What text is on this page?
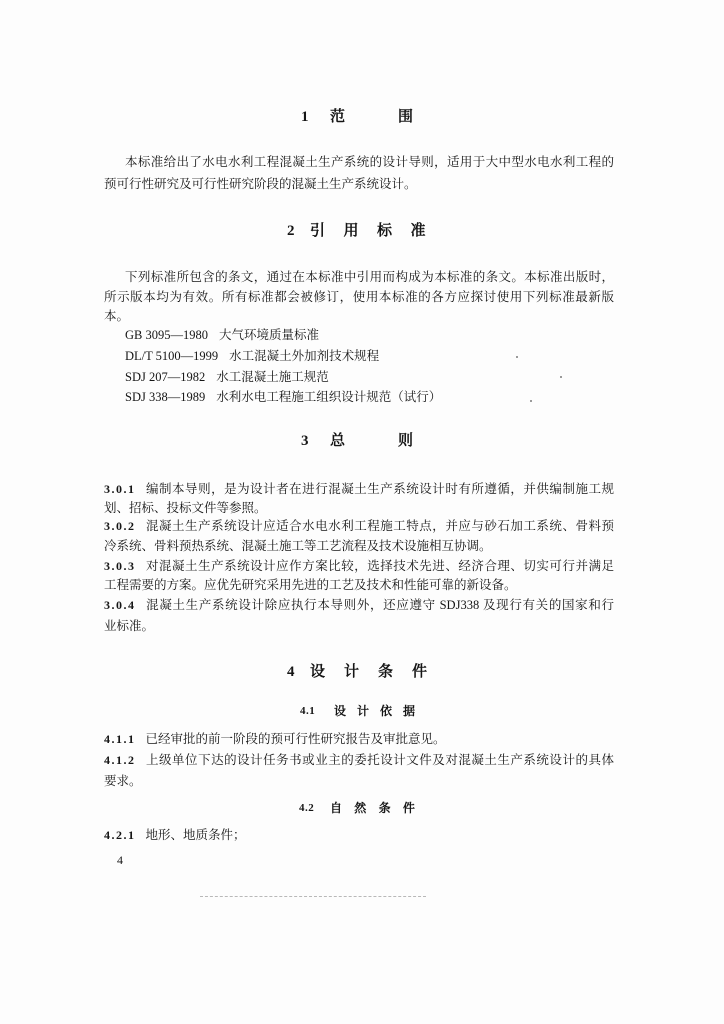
1 范围
本标准给出了水电水利工程混凝土生产系统的设计导则，适用于大中型水电水利工程的
预可行性研究及可行性研究阶段的混凝土生产系统设计。
2 引用标准
下列标准所包含的条文，通过在本标准中引用而构成为本标准的条文。本标准出版时，
所示版本均为有效。所有标准都会被修订，使用本标准的各方应探讨使用下列标准最新版
本。
GB 3095—1980 大气环境质量标准
DL/T 5100—1999 水工混凝土外加剂技术规程
SDJ 207—1982 水工混凝土施工规范
SDJ 338—1989 水利水电工程施工组织设计规范（试行）
3 总则
3.0.1 编制本导则，是为设计者在进行混凝土生产系统设计时有所遵循，并供编制施工规
划、招标、投标文件等参照。
3.0.2 混凝土生产系统设计应适合水电水利工程施工特点，并应与砂石加工系统、骨料预
冷系统、骨料预热系统、混凝土施工等工艺流程及技术设施相互协调。
3.0.3 对混凝土生产系统设计应作方案比较，选择技术先进、经济合理、切实可行并满足
工程需要的方案。应优先研究采用先进的工艺及技术和性能可靠的新设备。
3.0.4 混凝土生产系统设计除应执行本导则外，还应遵守 SDJ338 及现行有关的国家和行
业标准。
4 设计条件
4.1 设计依据
4.1.1 已经审批的前一阶段的预可行性研究报告及审批意见。
4.1.2 上级单位下达的设计任务书或业主的委托设计文件及对混凝土生产系统设计的具体
要求。
4.2 自然条件
4.2.1 地形、地质条件；
4
